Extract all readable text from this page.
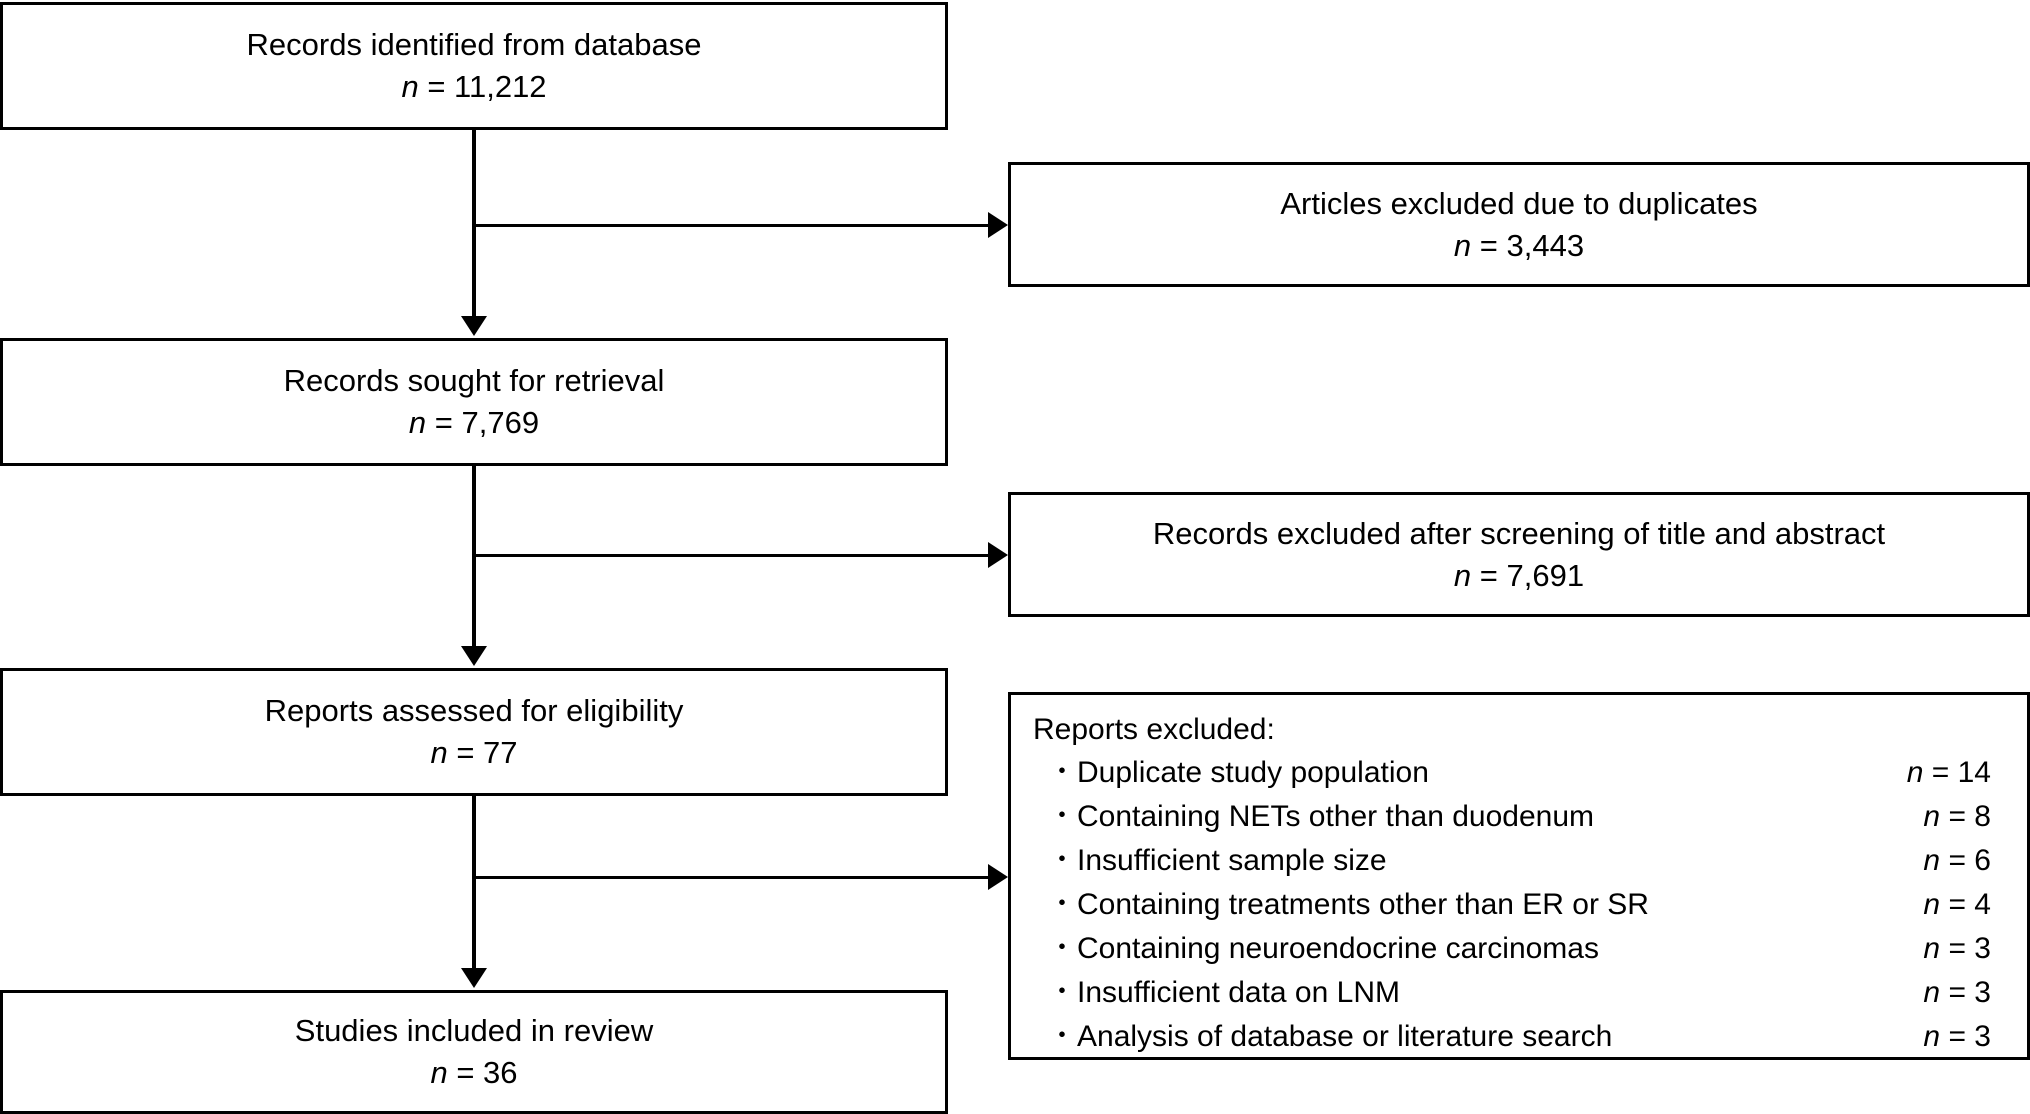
Records identified from database
n = 11,212
Records sought for retrieval
n = 7,769
Reports assessed for eligibility
n = 77
Studies included in review
n = 36
Articles excluded due to duplicates
n = 3,443
Records excluded after screening of title and abstract
n = 7,691
Reports excluded:
・Duplicate study population	n = 14
・Containing NETs other than duodenum	n = 8
・Insufficient sample size	n = 6
・Containing treatments other than ER or SR	n = 4
・Containing neuroendocrine carcinomas	n = 3
・Insufficient data on LNM	n = 3
・Analysis of database or literature search	n = 3
